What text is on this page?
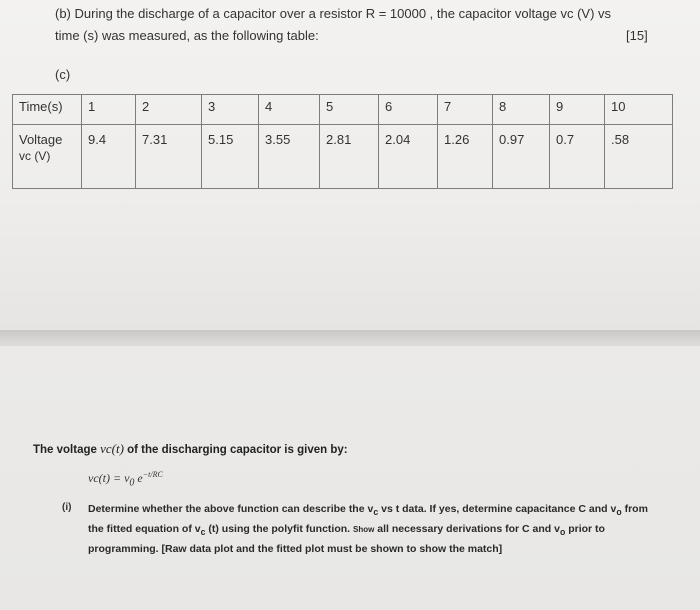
(b) During the discharge of a capacitor over a resistor R = 10000 , the capacitor voltage vc (V) vs
time (s) was measured, as the following table:	[15]
(c)
Time(s)	1	2	3	4	5	6	7	8	9	10
Voltage
vc (V)	9.4	7.31	5.15	3.55	2.81	2.04	1.26	0.97	0.7	.58
The voltage vc(t) of the discharging capacitor is given by:
$vc(t) = v_0$ $e^{-t/RC}$
(i) Determine whether the above function can describe the $v_c$ vs t data. If yes, determine capacitance C and $v_o$ from the fitted equation of $v_c$ (t) using the polyfit function. Show all necessary derivations for C and $v_o$ prior to programming. [Raw data plot and the fitted plot must be shown to show the match]
